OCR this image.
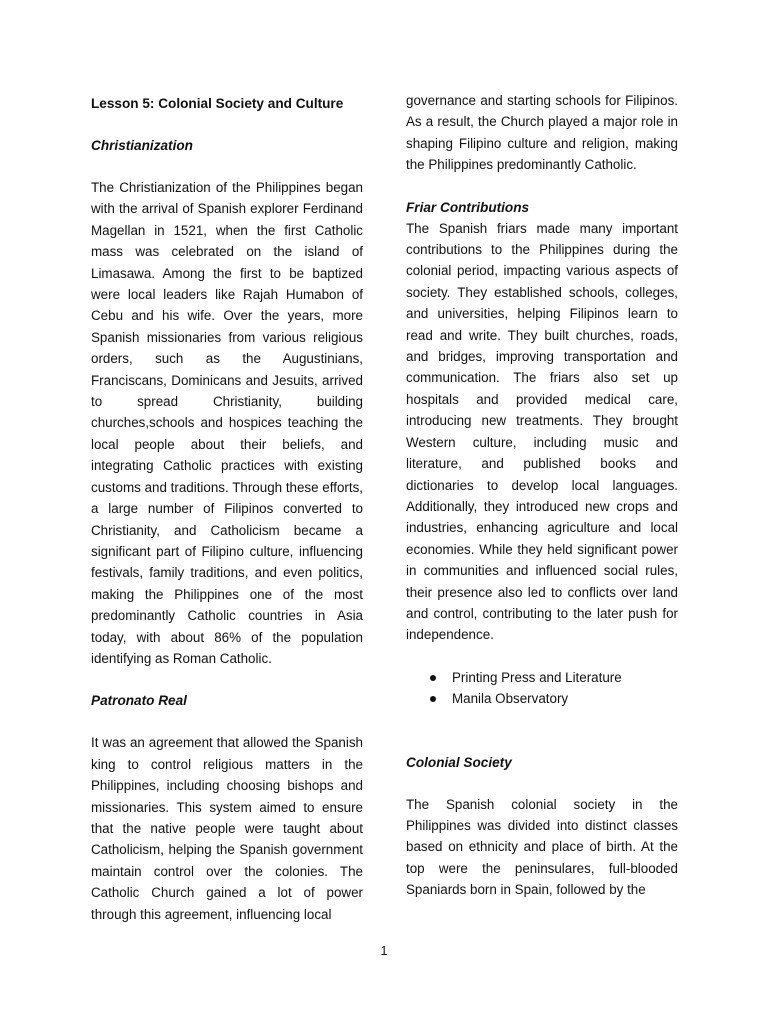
Lesson 5: Colonial Society and Culture
Christianization

The Christianization of the Philippines began with the arrival of Spanish explorer Ferdinand Magellan in 1521, when the first Catholic mass was celebrated on the island of Limasawa. Among the first to be baptized were local leaders like Rajah Humabon of Cebu and his wife. Over the years, more Spanish missionaries from various religious orders, such as the Augustinians, Franciscans, Dominicans and Jesuits, arrived to spread Christianity, building churches,schools and hospices teaching the local people about their beliefs, and integrating Catholic practices with existing customs and traditions. Through these efforts, a large number of Filipinos converted to Christianity, and Catholicism became a significant part of Filipino culture, influencing festivals, family traditions, and even politics, making the Philippines one of the most predominantly Catholic countries in Asia today, with about 86% of the population identifying as Roman Catholic.

Patronato Real

It was an agreement that allowed the Spanish king to control religious matters in the Philippines, including choosing bishops and missionaries. This system aimed to ensure that the native people were taught about Catholicism, helping the Spanish government maintain control over the colonies. The Catholic Church gained a lot of power through this agreement, influencing local

governance and starting schools for Filipinos. As a result, the Church played a major role in shaping Filipino culture and religion, making the Philippines predominantly Catholic.

Friar Contributions

The Spanish friars made many important contributions to the Philippines during the colonial period, impacting various aspects of society. They established schools, colleges, and universities, helping Filipinos learn to read and write. They built churches, roads, and bridges, improving transportation and communication. The friars also set up hospitals and provided medical care, introducing new treatments. They brought Western culture, including music and literature, and published books and dictionaries to develop local languages. Additionally, they introduced new crops and industries, enhancing agriculture and local economies. While they held significant power in communities and influenced social rules, their presence also led to conflicts over land and control, contributing to the later push for independence.

Printing Press and Literature
Manila Observatory
Colonial Society

The Spanish colonial society in the Philippines was divided into distinct classes based on ethnicity and place of birth. At the top were the peninsulares, full-blooded Spaniards born in Spain, followed by the

1
